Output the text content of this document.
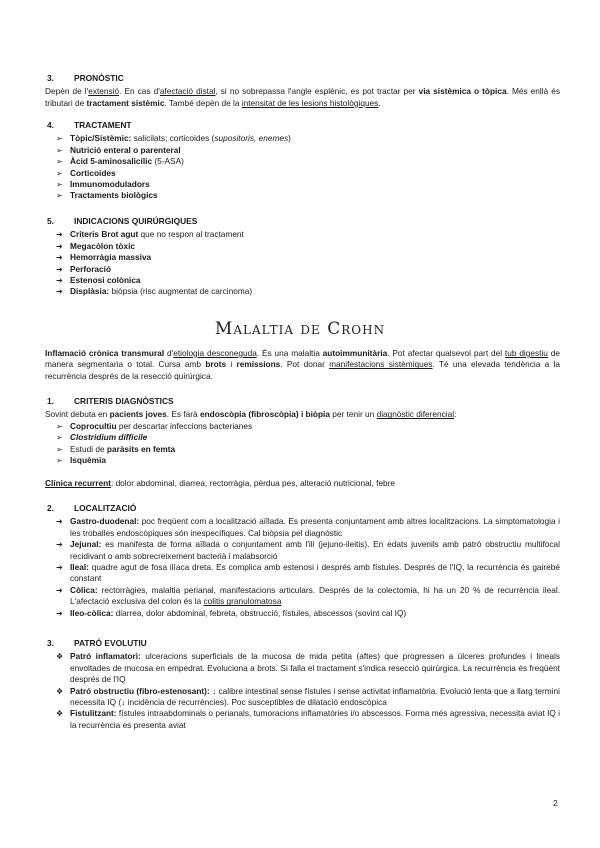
3.	PRONÒSTIC

Depèn de l'extensió. En cas d'afectació distal, si no sobrepassa l'angle esplènic, es pot tractar per via sistèmica o tòpica. Més enllà és tributari de tractament sistèmic. També depèn de la intensitat de les lesions histològiques.

4.	TRACTAMENT
➢ Tòpic/Sistèmic: salicilats; corticoides (supositoris, enemes)
➢ Nutrició enteral o parenteral
➢ Àcid 5-aminosalicílic (5-ASA)
➢ Corticoides
➢ Immunomoduladors
➢ Tractaments biològics
5.	INDICACIONS QUIRÚRGIQUES
➔ Criteris Brot agut que no respon al tractament
➔ Megacòlon tòxic
➔ Hemorràgia massiva
➔ Perforació
➔ Estenosi colònica
➔ Displàsia: biòpsia (risc augmentat de carcinoma)
Malaltia de Crohn

Inflamació crònica transmural d'etiologia desconeguda. És una malaltia autoimmunitària. Pot afectar qualsevol part del tub digestiu de manera segmentaria o total. Cursa amb brots i remissions. Pot donar manifestacions sistèmiques. Té una elevada tendència a la recurrència després de la resecció quirúrgica.

1.	CRITERIS DIAGNÒSTICS

Sovint debuta en pacients joves. Es farà endoscòpia (fibroscòpia) i biòpia per tenir un diagnòstic diferencial:

➢ Coprocultiu per descartar infeccions bacterianes
➢ Clostridium difficile
➢ Estudi de paràsits en femta
➢ Isquèmia

Clínica recurrent: dolor abdominal, diarrea, rectorràgia, pèrdua pes, alteració nutricional, febre

2.	LOCALITZACIÓ
➔ Gastro-duodenal: poc freqüent com a localització aïllada. Es presenta conjuntament amb altres localitzacions. La simptomatologia i les troballes endoscòpiques són inespecífiques. Cal biòpsia pel diagnòstic
➔ Jejunal: es manifesta de forma aïllada o conjuntament amb l'ili (jejuno-ileitis). En edats juvenils amb patró obstructiu multifocal recidivant o amb sobrecreixement bacterià i malabsorció
➔ Ileal: quadre agut de fosa ilíaca dreta. Es complica amb estenosi i després amb fístules. Després de l'IQ, la recurrència és gairebé constant
➔ Còlica: rectorràgies, malaltia perianal, manifestacions articulars. Després de la colectomia, hi ha un 20 % de recurrència ileal. L'afectació exclusiva del colon és la colitis granulomatosa
➔ Ileo-còlica: diarrea, dolor abdominal, febreta, obstrucció, fístules, abscessos (sovint cal IQ)
3.	PATRÓ EVOLUTIU
❖ Patró inflamatori: ulceracions superficials de la mucosa de mida petita (aftes) que progressen a úlceres profundes i lineals envoltades de mucosa en empedrat. Evoluciona a brots. Si falla el tractament s'indica resecció quirúrgica. La recurrència és freqüent després de l'IQ
❖ Patró obstructiu (fibro-estenosant): ↓ calibre intestinal sense fístules i sense activitat inflamatòria. Evolució lenta que a llarg termini necessita IQ (↓ incidència de recurrències). Poc susceptibles de dilatació endoscòpica
❖ Fistulitzant: fístules intraabdominals o perianals, tumoracions inflamatòries i/o abscessos. Forma més agressiva, necessita aviat IQ i la recurrència es presenta aviat
2
